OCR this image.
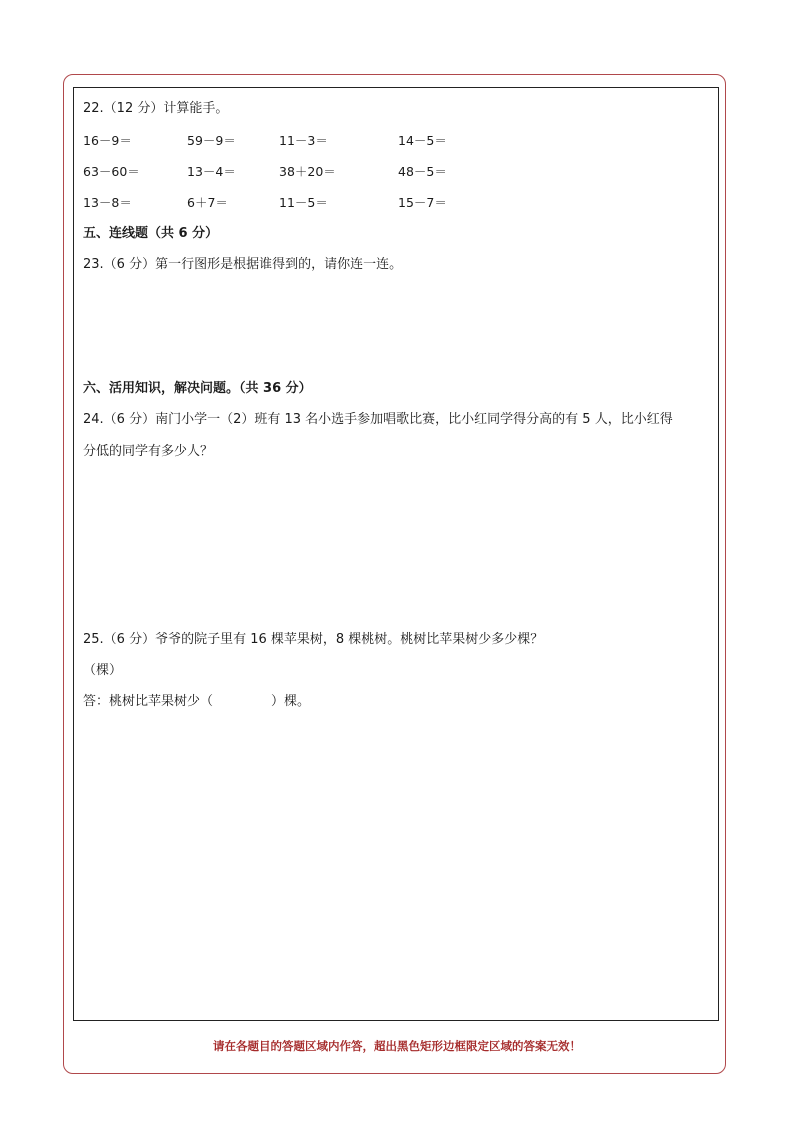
22.（12 分）计算能手。
16－9＝	59－9＝	11－3＝	14－5＝
63－60＝	13－4＝	38＋20＝	48－5＝
13－8＝	6＋7＝	11－5＝	15－7＝
五、连线题（共 6 分）
23.（6 分）第一行图形是根据谁得到的，请你连一连。
六、活用知识，解决问题。（共 36 分）
24.（6 分）南门小学一（2）班有 13 名小选手参加唱歌比赛，比小红同学得分高的有 5 人，比小红得
分低的同学有多少人？
25.（6 分）爷爷的院子里有 16 棵苹果树，8 棵桃树。桃树比苹果树少多少棵？
（棵）
答：桃树比苹果树少（	）棵。
请在各题目的答题区域内作答，超出黑色矩形边框限定区域的答案无效！
